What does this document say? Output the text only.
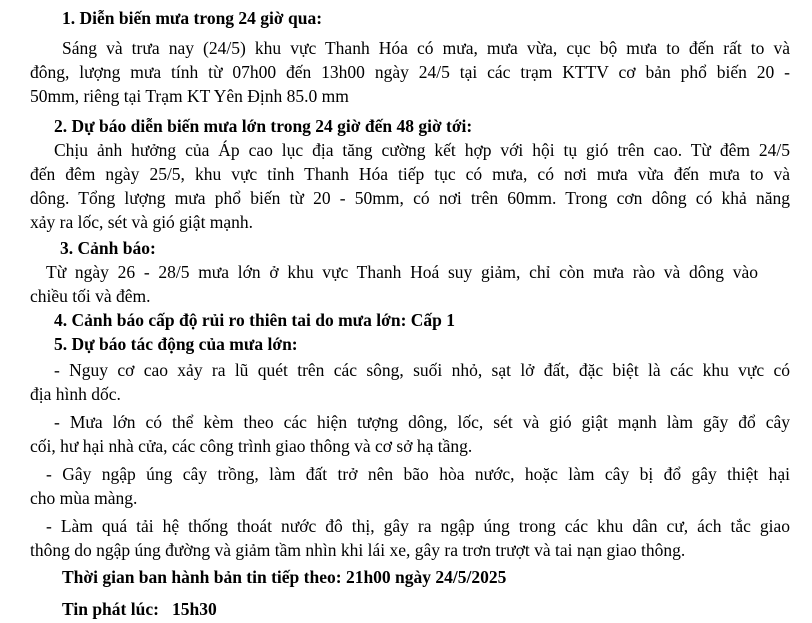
1. Diễn biến mưa trong 24 giờ qua:
Sáng và trưa nay (24/5) khu vực Thanh Hóa có mưa, mưa vừa, cục bộ mưa to đến rất to và
đông, lượng mưa tính từ 07h00 đến 13h00 ngày 24/5 tại các trạm KTTV cơ bản phổ biến 20 -
50mm, riêng tại Trạm KT Yên Định 85.0 mm
2. Dự báo diễn biến mưa lớn trong 24 giờ đến 48 giờ tới:
Chịu ảnh hưởng của Áp cao lục địa tăng cường kết hợp với hội tụ gió trên cao. Từ đêm 24/5
đến đêm ngày 25/5, khu vực tỉnh Thanh Hóa tiếp tục có mưa, có nơi mưa vừa đến mưa to và
dông. Tổng lượng mưa phổ biến từ 20 - 50mm, có nơi trên 60mm. Trong cơn dông có khả năng
xảy ra lốc, sét và gió giật mạnh.
3. Cảnh báo:
Từ ngày 26 - 28/5 mưa lớn ở khu vực Thanh Hoá suy giảm, chỉ còn mưa rào và dông vào
chiều tối và đêm.
4. Cảnh báo cấp độ rủi ro thiên tai do mưa lớn: Cấp 1
5. Dự báo tác động của mưa lớn:
- Nguy cơ cao xảy ra lũ quét trên các sông, suối nhỏ, sạt lở đất, đặc biệt là các khu vực có
địa hình dốc.
- Mưa lớn có thể kèm theo các hiện tượng dông, lốc, sét và gió giật mạnh làm gãy đổ cây
cối, hư hại nhà cửa, các công trình giao thông và cơ sở hạ tầng.
- Gây ngập úng cây trồng, làm đất trở nên bão hòa nước, hoặc làm cây bị đổ gây thiệt hại
cho mùa màng.
- Làm quá tải hệ thống thoát nước đô thị, gây ra ngập úng trong các khu dân cư, ách tắc giao
thông do ngập úng đường và giảm tầm nhìn khi lái xe, gây ra trơn trượt và tai nạn giao thông.
Thời gian ban hành bản tin tiếp theo: 21h00 ngày 24/5/2025
Tin phát lúc:   15h30
